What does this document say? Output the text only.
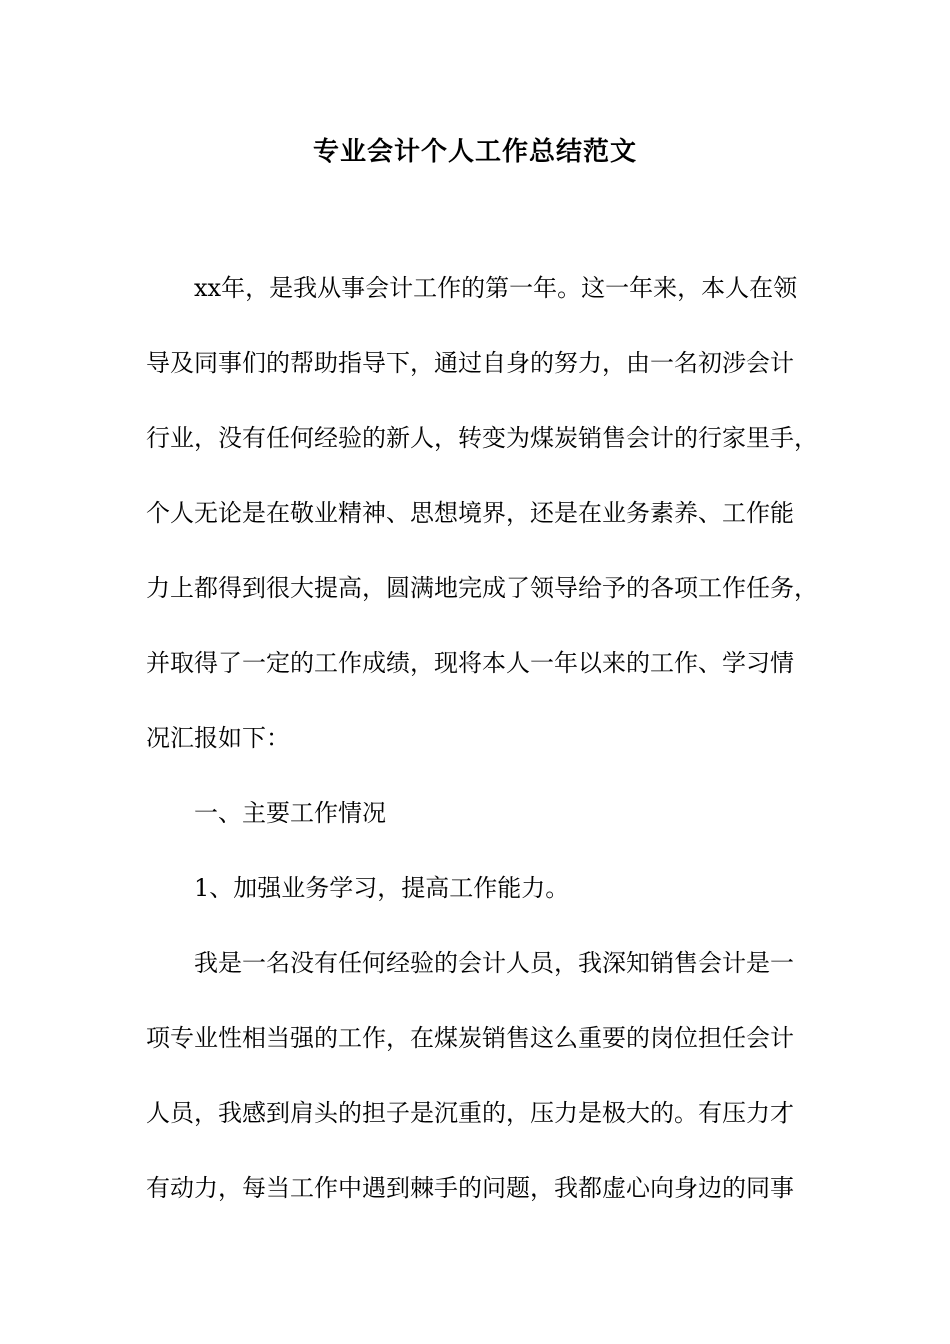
专业会计个人工作总结范文
xx年，是我从事会计工作的第一年。这一年来，本人在领
导及同事们的帮助指导下，通过自身的努力，由一名初涉会计
行业，没有任何经验的新人，转变为煤炭销售会计的行家里手，
个人无论是在敬业精神、思想境界，还是在业务素养、工作能
力上都得到很大提高，圆满地完成了领导给予的各项工作任务，
并取得了一定的工作成绩，现将本人一年以来的工作、学习情
况汇报如下：
一、主要工作情况
1、加强业务学习，提高工作能力。
我是一名没有任何经验的会计人员，我深知销售会计是一
项专业性相当强的工作，在煤炭销售这么重要的岗位担任会计
人员，我感到肩头的担子是沉重的，压力是极大的。有压力才
有动力，每当工作中遇到棘手的问题，我都虚心向身边的同事
